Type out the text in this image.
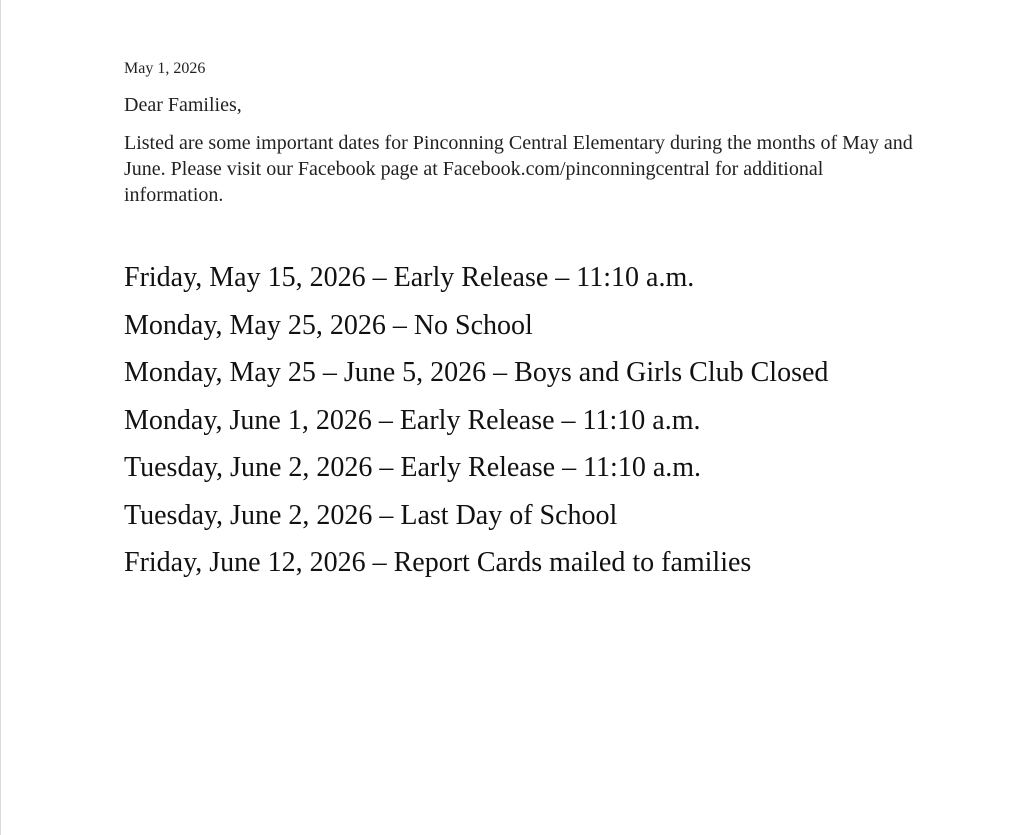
May 1, 2026

Dear Families,

Listed are some important dates for Pinconning Central Elementary during the months of May and June. Please visit our Facebook page at Facebook.com/pinconningcentral for additional information.

Friday, May 15, 2026 – Early Release – 11:10 a.m.
Monday, May 25, 2026 – No School
Monday, May 25 – June 5, 2026 – Boys and Girls Club Closed
Monday, June 1, 2026 – Early Release – 11:10 a.m.
Tuesday, June 2, 2026 – Early Release – 11:10 a.m.
Tuesday, June 2, 2026 – Last Day of School
Friday, June 12, 2026 – Report Cards mailed to families
